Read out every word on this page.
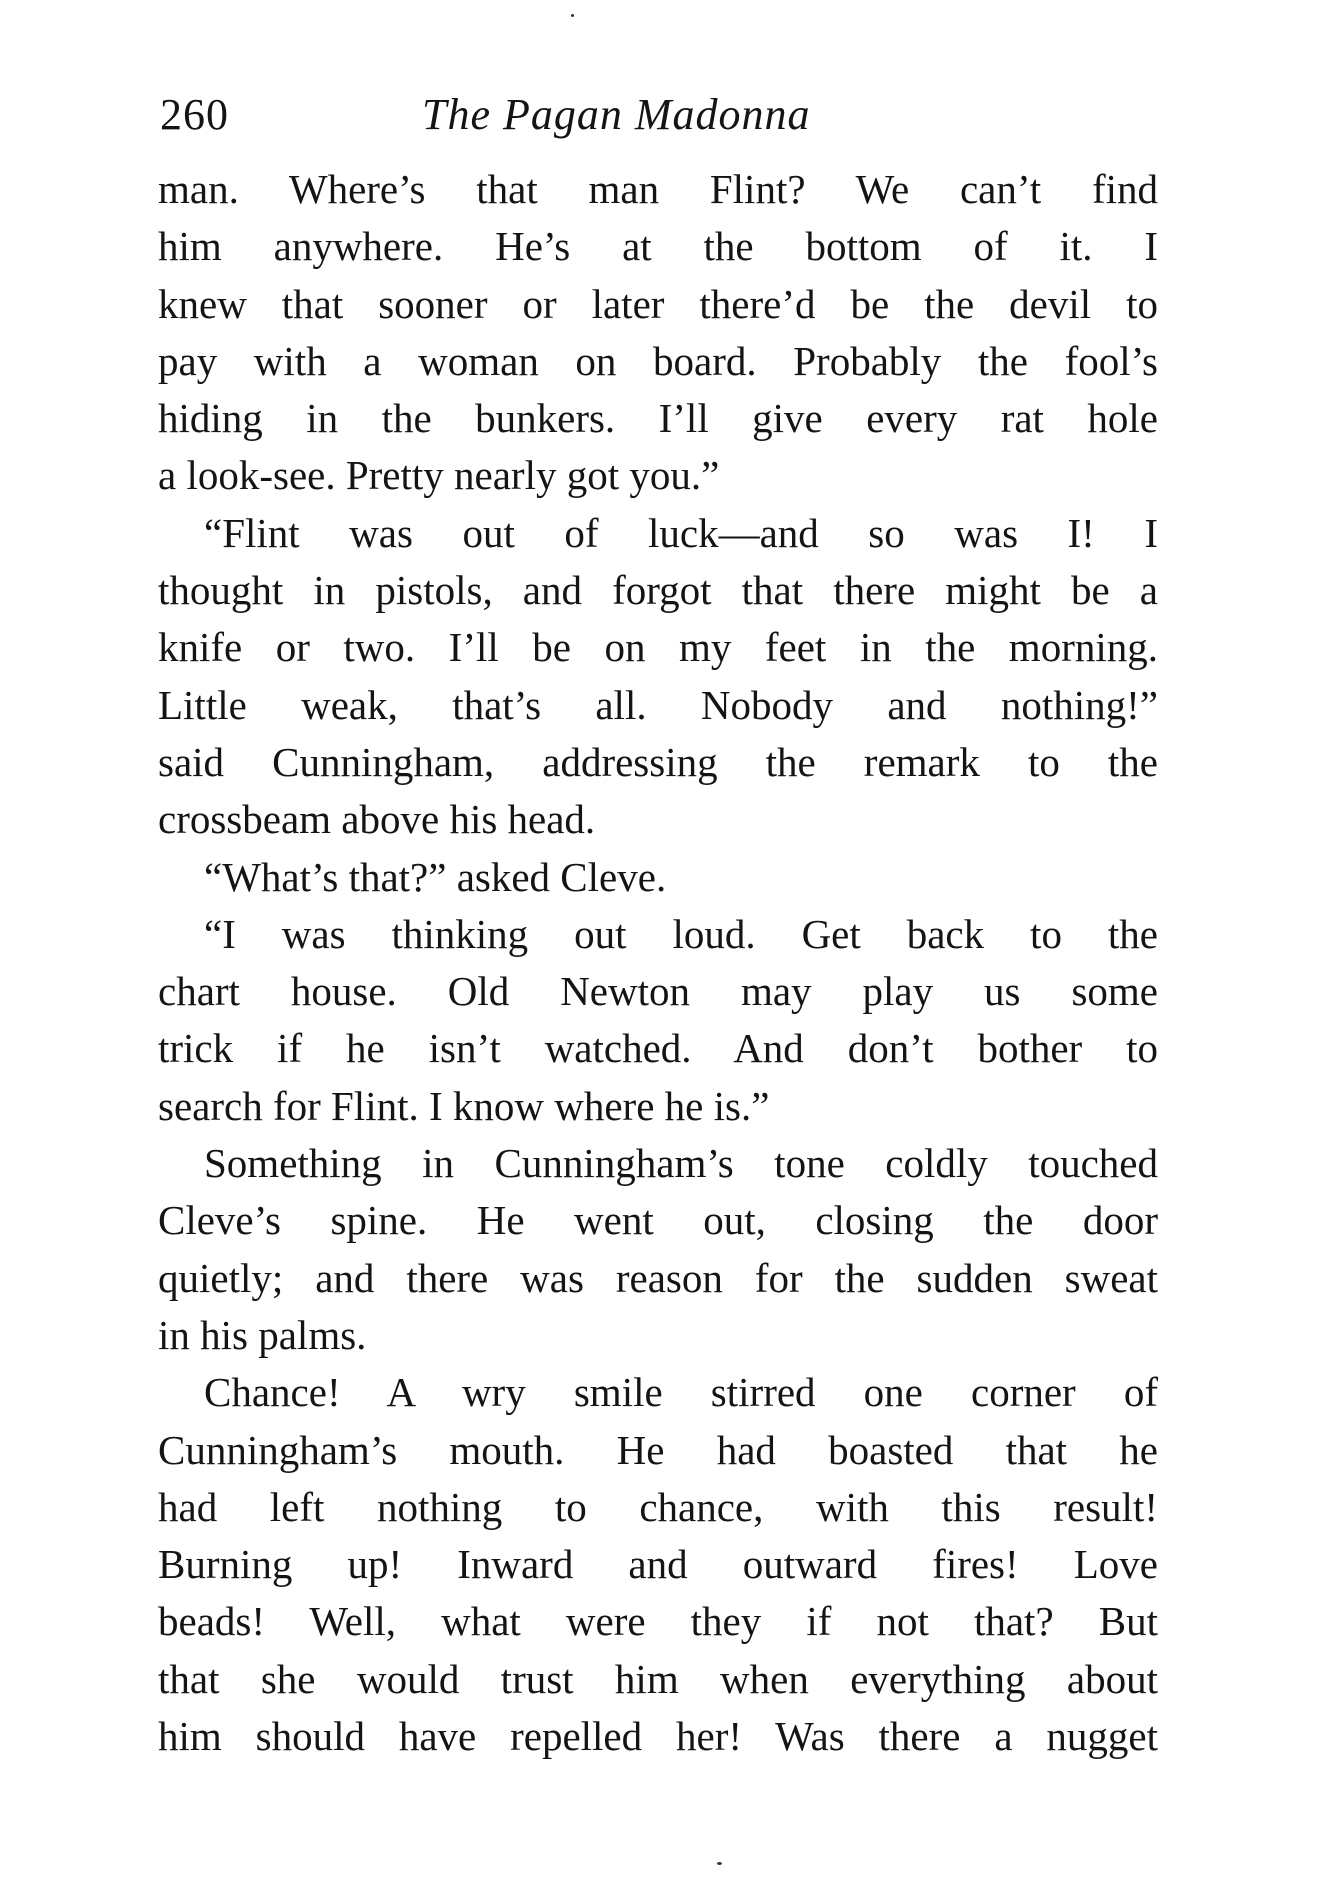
260	The Pagan Madonna

man. Where’s that man Flint? We can’t find
him anywhere. He’s at the bottom of it. I
knew that sooner or later there’d be the devil to
pay with a woman on board. Probably the fool’s
hiding in the bunkers. I’ll give every rat hole
a look-see. Pretty nearly got you.”

“Flint was out of luck—and so was I! I
thought in pistols, and forgot that there might be a
knife or two. I’ll be on my feet in the morning.
Little weak, that’s all. Nobody and nothing!”
said Cunningham, addressing the remark to the
crossbeam above his head.

“What’s that?” asked Cleve.

“I was thinking out loud. Get back to the
chart house. Old Newton may play us some
trick if he isn’t watched. And don’t bother to
search for Flint. I know where he is.”

Something in Cunningham’s tone coldly touched
Cleve’s spine. He went out, closing the door
quietly; and there was reason for the sudden sweat
in his palms.

Chance! A wry smile stirred one corner of
Cunningham’s mouth. He had boasted that he
had left nothing to chance, with this result!
Burning up! Inward and outward fires! Love
beads! Well, what were they if not that? But
that she would trust him when everything about
him should have repelled her! Was there a nugget
